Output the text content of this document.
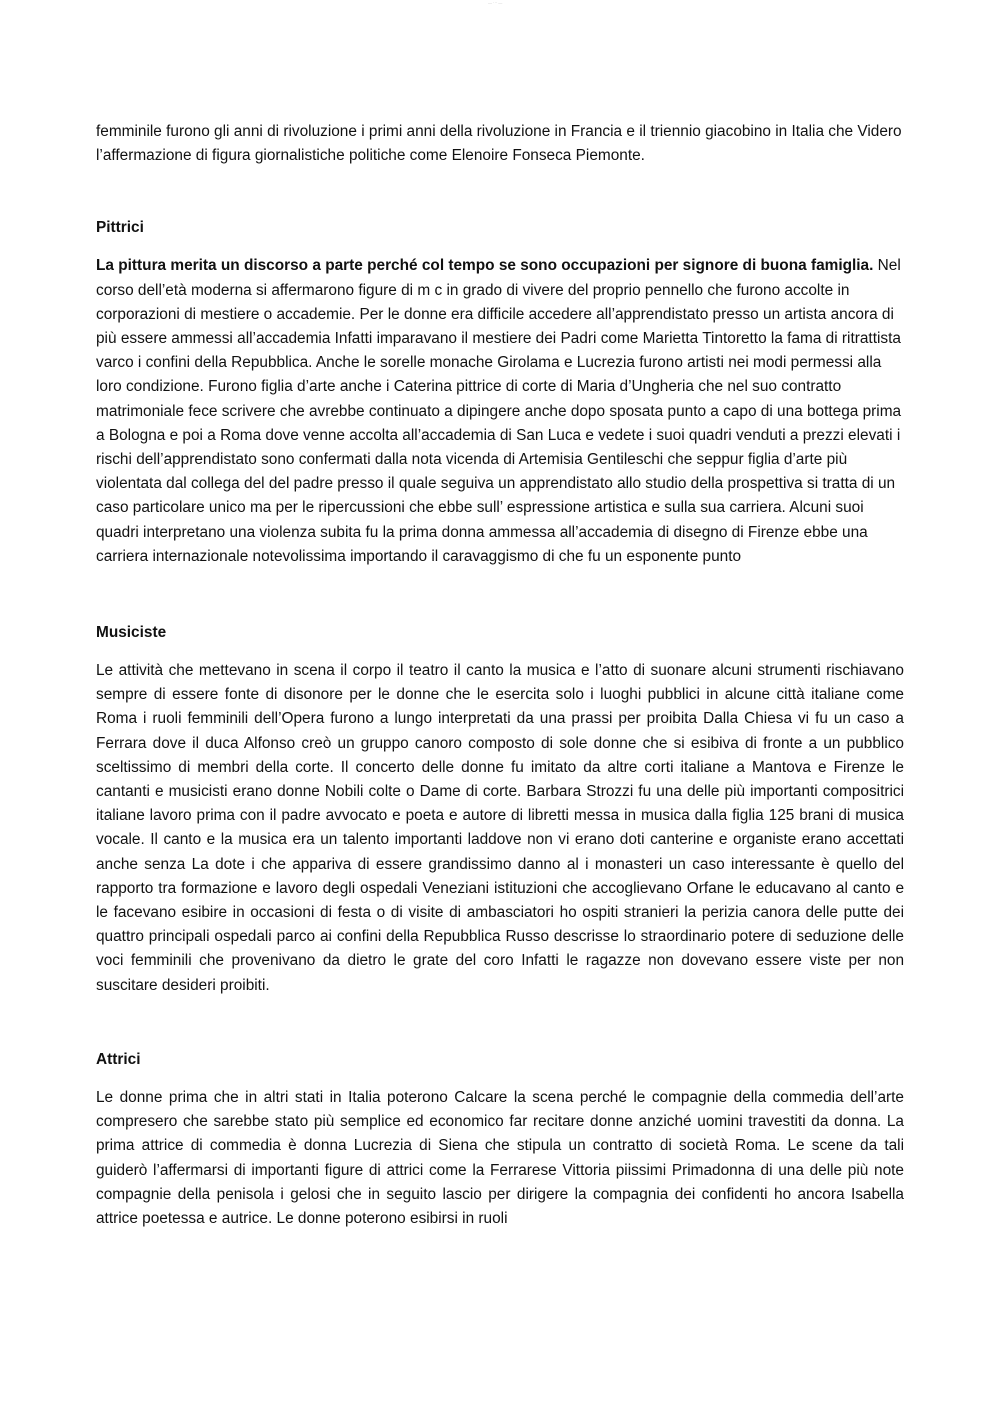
— ··· —

femminile furono gli anni di rivoluzione i primi anni della rivoluzione in Francia e il triennio giacobino in Italia che Videro l’affermazione di figura giornalistiche politiche come Elenoire Fonseca Piemonte.

Pittrici

La pittura merita un discorso a parte perché col tempo se sono occupazioni per signore di buona famiglia. Nel corso dell’età moderna si affermarono figure di m c in grado di vivere del proprio pennello che furono accolte in corporazioni di mestiere o accademie. Per le donne era difficile accedere all’apprendistato presso un artista ancora di più essere ammessi all’accademia Infatti imparavano il mestiere dei Padri come Marietta Tintoretto la fama di ritrattista varco i confini della Repubblica. Anche le sorelle monache Girolama e Lucrezia furono artisti nei modi permessi alla loro condizione. Furono figlia d’arte anche i Caterina pittrice di corte di Maria d’Ungheria che nel suo contratto matrimoniale fece scrivere che avrebbe continuato a dipingere anche dopo sposata punto a capo di una bottega prima a Bologna e poi a Roma dove venne accolta all’accademia di San Luca e vedete i suoi quadri venduti a prezzi elevati i rischi dell’apprendistato sono confermati dalla nota vicenda di Artemisia Gentileschi che seppur figlia d’arte più violentata dal collega del del padre presso il quale seguiva un apprendistato allo studio della prospettiva si tratta di un caso particolare unico ma per le ripercussioni che ebbe sull’ espressione artistica e sulla sua carriera. Alcuni suoi quadri interpretano una violenza subita fu la prima donna ammessa all’accademia di disegno di Firenze ebbe una carriera internazionale notevolissima importando il caravaggismo di che fu un esponente punto

Musiciste

Le attività che mettevano in scena il corpo il teatro il canto la musica e l’atto di suonare alcuni strumenti rischiavano sempre di essere fonte di disonore per le donne che le esercita solo i luoghi pubblici in alcune città italiane come Roma i ruoli femminili dell’Opera furono a lungo interpretati da una prassi per proibita Dalla Chiesa vi fu un caso a Ferrara dove il duca Alfonso creò un gruppo canoro composto di sole donne che si esibiva di fronte a un pubblico sceltissimo di membri della corte. Il concerto delle donne fu imitato da altre corti italiane a Mantova e Firenze le cantanti e musicisti erano donne Nobili colte o Dame di corte. Barbara Strozzi fu una delle più importanti compositrici italiane lavoro prima con il padre avvocato e poeta e autore di libretti messa in musica dalla figlia 125 brani di musica vocale. Il canto e la musica era un talento importanti laddove non vi erano doti canterine e organiste erano accettati anche senza La dote i che appariva di essere grandissimo danno al i monasteri un caso interessante è quello del rapporto tra formazione e lavoro degli ospedali Veneziani istituzioni che accoglievano Orfane le educavano al canto e le facevano esibire in occasioni di festa o di visite di ambasciatori ho ospiti stranieri la perizia canora delle putte dei quattro principali ospedali parco ai confini della Repubblica Russo descrisse lo straordinario potere di seduzione delle voci femminili che provenivano da dietro le grate del coro Infatti le ragazze non dovevano essere viste per non suscitare desideri proibiti.

Attrici

Le donne prima che in altri stati in Italia poterono Calcare la scena perché le compagnie della commedia dell’arte compresero che sarebbe stato più semplice ed economico far recitare donne anziché uomini travestiti da donna. La prima attrice di commedia è donna Lucrezia di Siena che stipula un contratto di società Roma. Le scene da tali guiderò l’affermarsi di importanti figure di attrici come la Ferrarese Vittoria piissimi Primadonna di una delle più note compagnie della penisola i gelosi che in seguito lascio per dirigere la compagnia dei confidenti ho ancora Isabella attrice poetessa e autrice. Le donne poterono esibirsi in ruoli
